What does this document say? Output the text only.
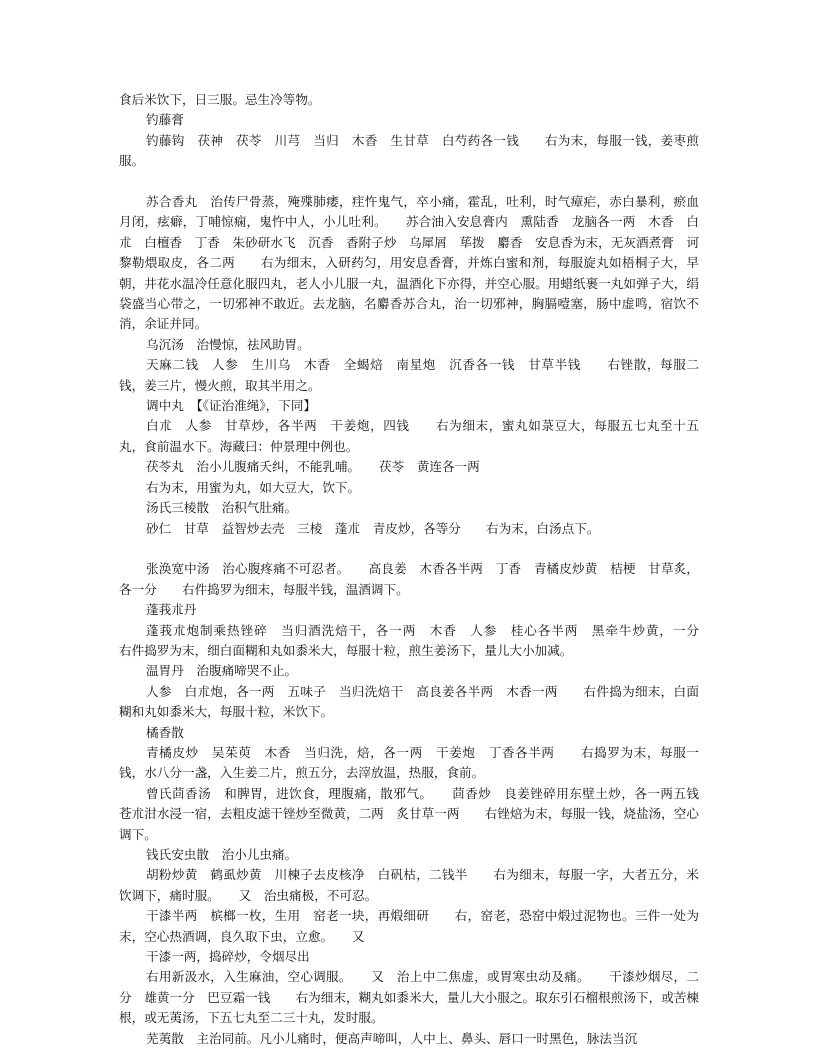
食后米饮下，日三服。忌生冷等物。

钓藤膏

钓藤钩　茯神　茯苓　川芎　当归　木香　生甘草　白芍药各一钱　　右为末，每服一钱，姜枣煎服。

苏合香丸　治传尸骨蒸，殗殜肺痿，疰忤鬼气，卒小痛，霍乱，吐利，时气瘴疟，赤白暴利，瘀血月闭，痃癖，丁哺惊痫，鬼忤中人，小儿吐利。　　苏合油入安息膏内　熏陆香　龙脑各一两　木香　白朮　白檀香　丁香　朱砂研水飞　沉香　香附子炒　乌犀屑　荜拨　麝香　安息香为末，无灰酒煮膏　诃黎勒煨取皮，各二两　　右为细末，入研药匀，用安息香膏，并炼白蜜和剂，每服旋丸如梧桐子大，早朝，井花水温冷任意化服四丸，老人小儿服一丸，温酒化下亦得，并空心服。用蜡纸裹一丸如弹子大，绢袋盛当心带之，一切邪神不敢近。去龙脑，名麝香苏合丸，治一切邪神，胸膈噎塞，肠中虚鸣，宿饮不消，余证并同。

乌沉汤　治慢惊，祛风助胃。

天麻二钱　人参　生川乌　木香　全蝎焙　南星炮　沉香各一钱　甘草半钱　　右锉散，每服二钱，姜三片，慢火煎，取其半用之。

调中丸　【《证治准绳》，下同】

白朮　人参　甘草炒，各半两　干姜炮，四钱　　右为细末，蜜丸如菉豆大，每服五七丸至十五丸，食前温水下。海藏曰：仲景理中例也。

茯苓丸　治小儿腹痛夭纠，不能乳哺。　　茯苓　黄连各一两

右为末，用蜜为丸，如大豆大，饮下。

汤氏三棱散　治积气肚痛。

砂仁　甘草　益智炒去壳　三棱　蓬朮　青皮炒，各等分　　右为末，白汤点下。

张涣宽中汤　治心腹疼痛不可忍者。　　高良姜　木香各半两　丁香　青橘皮炒黄　桔梗　甘草炙，各一分　　右件捣罗为细末，每服半钱，温酒调下。

蓬莪朮丹

蓬莪朮炮制乘热锉碎　当归酒洗焙干，各一两　木香　人参　桂心各半两　黑牵牛炒黄，一分　　右件捣罗为末，细白面糊和丸如黍米大，每服十粒，煎生姜汤下，量儿大小加减。

温胃丹　治腹痛啼哭不止。

人参　白朮炮，各一两　五味子　当归洗焙干　高良姜各半两　木香一两　　右件捣为细末，白面糊和丸如黍米大，每服十粒，米饮下。

橘香散

青橘皮炒　吴茱萸　木香　当归洗，焙，各一两　干姜炮　丁香各半两　　右捣罗为末，每服一钱，水八分一盏，入生姜二片，煎五分，去滓放温，热服，食前。

曾氏茴香汤　和脾胃，进饮食，理腹痛，散邪气。　　茴香炒　良姜锉碎用东壁土炒，各一两五钱　苍朮泔水浸一宿，去粗皮滤干锉炒至微黄，二两　炙甘草一两　　右锉焙为末，每服一钱，烧盐汤，空心调下。

钱氏安虫散　治小儿虫痛。

胡粉炒黄　鹤虱炒黄　川楝子去皮核净　白矾枯，二钱半　　右为细末，每服一字，大者五分，米饮调下，痛时服。　　又　治虫痛极，不可忍。

干漆半两　槟榔一枚，生用　窑老一块，再煅细研　　右，窑老，恐窑中煅过泥物也。三件一处为末，空心热酒调，良久取下虫，立愈。　　又

干漆一两，捣碎炒，令烟尽出

右用新汲水，入生麻油，空心调服。　　又　治上中二焦虚，或胃寒虫动及痛。　　干漆炒烟尽，二分　雄黄一分　巴豆霜一钱　　右为细末，糊丸如黍米大，量儿大小服之。取东引石榴根煎汤下，或苦楝根，或无荑汤，下五七丸至二三十丸，发时服。

芜荑散　主治同前。凡小儿痛时，便高声啼叫，人中上、鼻头、唇口一时黑色，脉法当沉
